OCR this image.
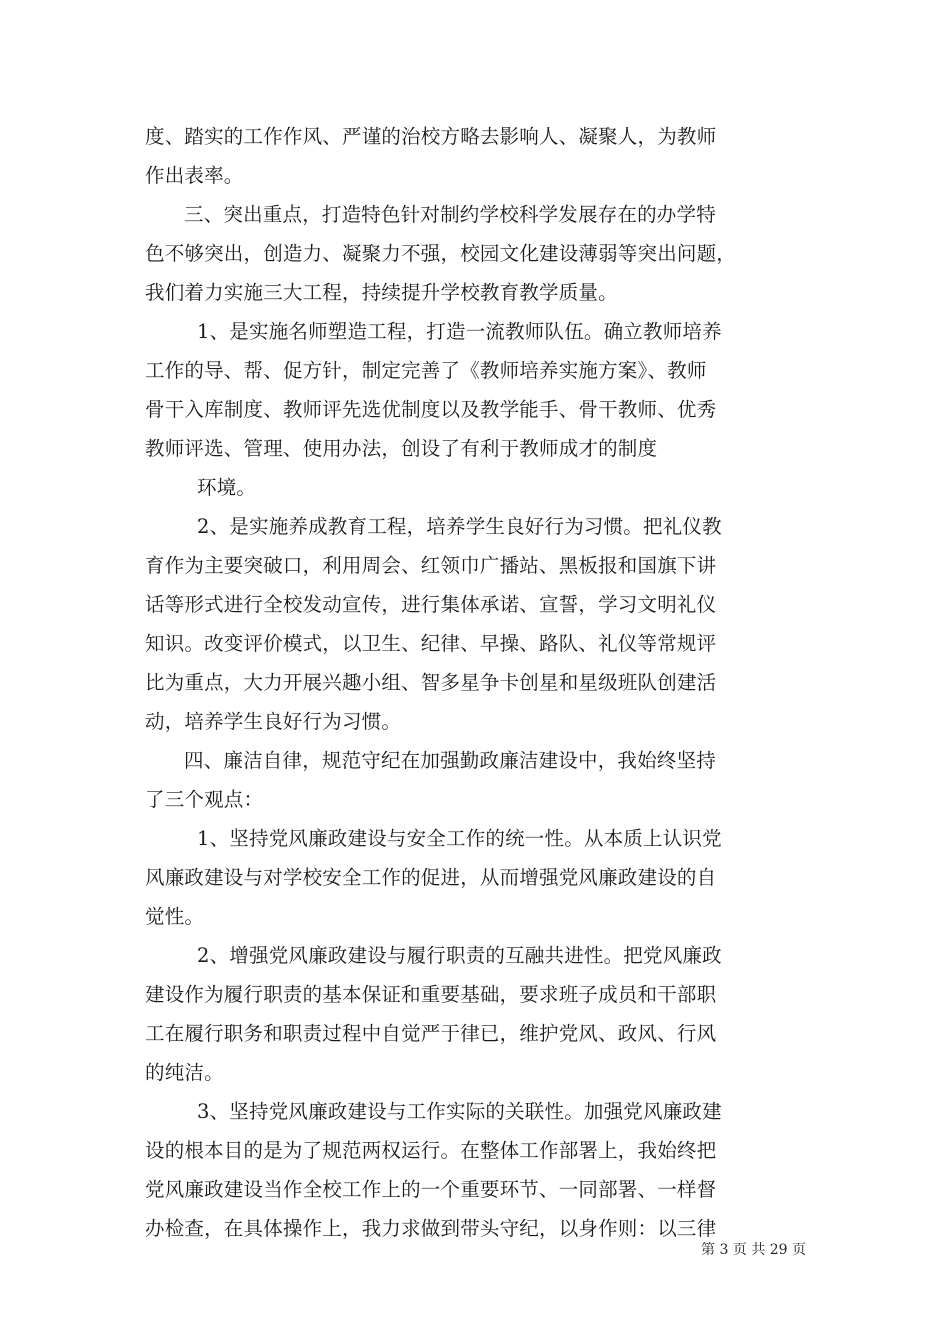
度、踏实的工作作风、严谨的治校方略去影响人、凝聚人，为教师
作出表率。
三、突出重点，打造特色针对制约学校科学发展存在的办学特
色不够突出，创造力、凝聚力不强，校园文化建设薄弱等突出问题，
我们着力实施三大工程，持续提升学校教育教学质量。
1、是实施名师塑造工程，打造一流教师队伍。确立教师培养
工作的导、帮、促方针，制定完善了《教师培养实施方案》、教师
骨干入库制度、教师评先选优制度以及教学能手、骨干教师、优秀
教师评选、管理、使用办法，创设了有利于教师成才的制度
环境。
2、是实施养成教育工程，培养学生良好行为习惯。把礼仪教
育作为主要突破口，利用周会、红领巾广播站、黑板报和国旗下讲
话等形式进行全校发动宣传，进行集体承诺、宣誓，学习文明礼仪
知识。改变评价模式，以卫生、纪律、早操、路队、礼仪等常规评
比为重点，大力开展兴趣小组、智多星争卡创星和星级班队创建活
动，培养学生良好行为习惯。
四、廉洁自律，规范守纪在加强勤政廉洁建设中，我始终坚持
了三个观点：
1、坚持党风廉政建设与安全工作的统一性。从本质上认识党
风廉政建设与对学校安全工作的促进，从而增强党风廉政建设的自
觉性。
2、增强党风廉政建设与履行职责的互融共进性。把党风廉政
建设作为履行职责的基本保证和重要基础，要求班子成员和干部职
工在履行职务和职责过程中自觉严于律已，维护党风、政风、行风
的纯洁。
3、坚持党风廉政建设与工作实际的关联性。加强党风廉政建
设的根本目的是为了规范两权运行。在整体工作部署上，我始终把
党风廉政建设当作全校工作上的一个重要环节、一同部署、一样督
办检查，在具体操作上，我力求做到带头守纪，以身作则：以三律
第 3 页 共 29 页
